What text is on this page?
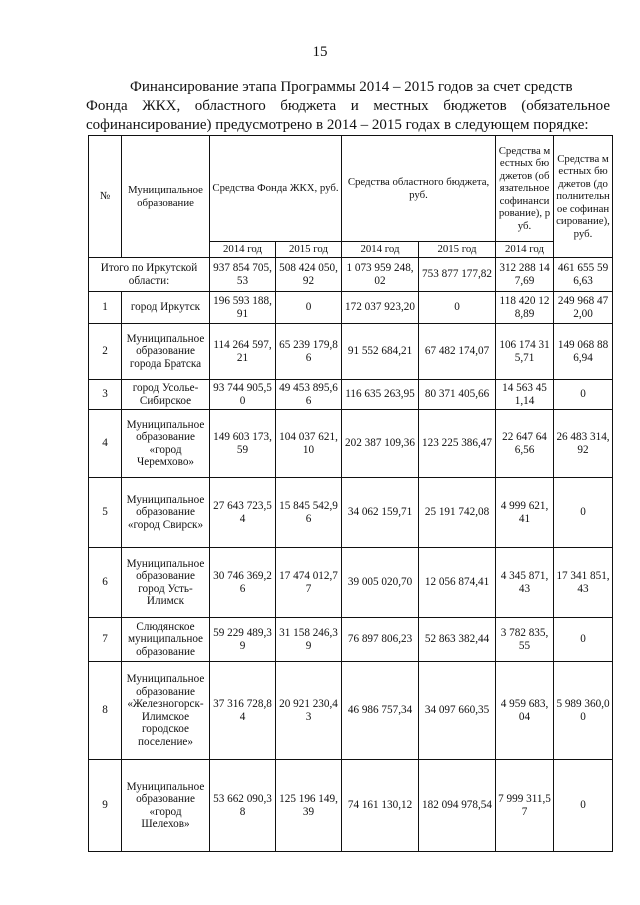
15
Финансирование этапа Программы 2014 – 2015 годов за счет средств
Фонда ЖКХ, областного бюджета и местных бюджетов (обязательное софинансирование) предусмотрено в 2014 – 2015 годах в следующем порядке:
№	Муниципальное образование	Средства Фонда ЖКХ, руб.		Средства областного бюджета, руб.		Средства местных бюджетов (обязательное софинансирование), руб.	Средства местных бюджетов (дополнительное софинансирование), руб.
		2014 год	2015 год	2014 год	2015 год	2014 год	
Итого по Иркутской области:		937 854 705,53	508 424 050,92	1 073 959 248,02	753 877 177,82	312 288 147,69	461 655 596,63
1	город Иркутск	196 593 188,91	0	172 037 923,20	0	118 420 128,89	249 968 472,00
2	Муниципальное образование города Братска	114 264 597,21	65 239 179,86	91 552 684,21	67 482 174,07	106 174 315,71	149 068 886,94
3	город Усолье-Сибирское	93 744 905,50	49 453 895,66	116 635 263,95	80 371 405,66	14 563 451,14	0
4	Муниципальное образование «город Черемхово»	149 603 173,59	104 037 621,10	202 387 109,36	123 225 386,47	22 647 646,56	26 483 314,92
5	Муниципальное образование «город Свирск»	27 643 723,54	15 845 542,96	34 062 159,71	25 191 742,08	4 999 621,41	0
6	Муниципальное образование город Усть-Илимск	30 746 369,26	17 474 012,77	39 005 020,70	12 056 874,41	4 345 871,43	17 341 851,43
7	Слюдянское муниципальное образование	59 229 489,39	31 158 246,39	76 897 806,23	52 863 382,44	3 782 835,55	0
8	Муниципальное образование «Железногорск-Илимское городское поселение»	37 316 728,84	20 921 230,43	46 986 757,34	34 097 660,35	4 959 683,04	5 989 360,00
9	Муниципальное образование «город Шелехов»	53 662 090,38	125 196 149,39	74 161 130,12	182 094 978,54	7 999 311,57	0
